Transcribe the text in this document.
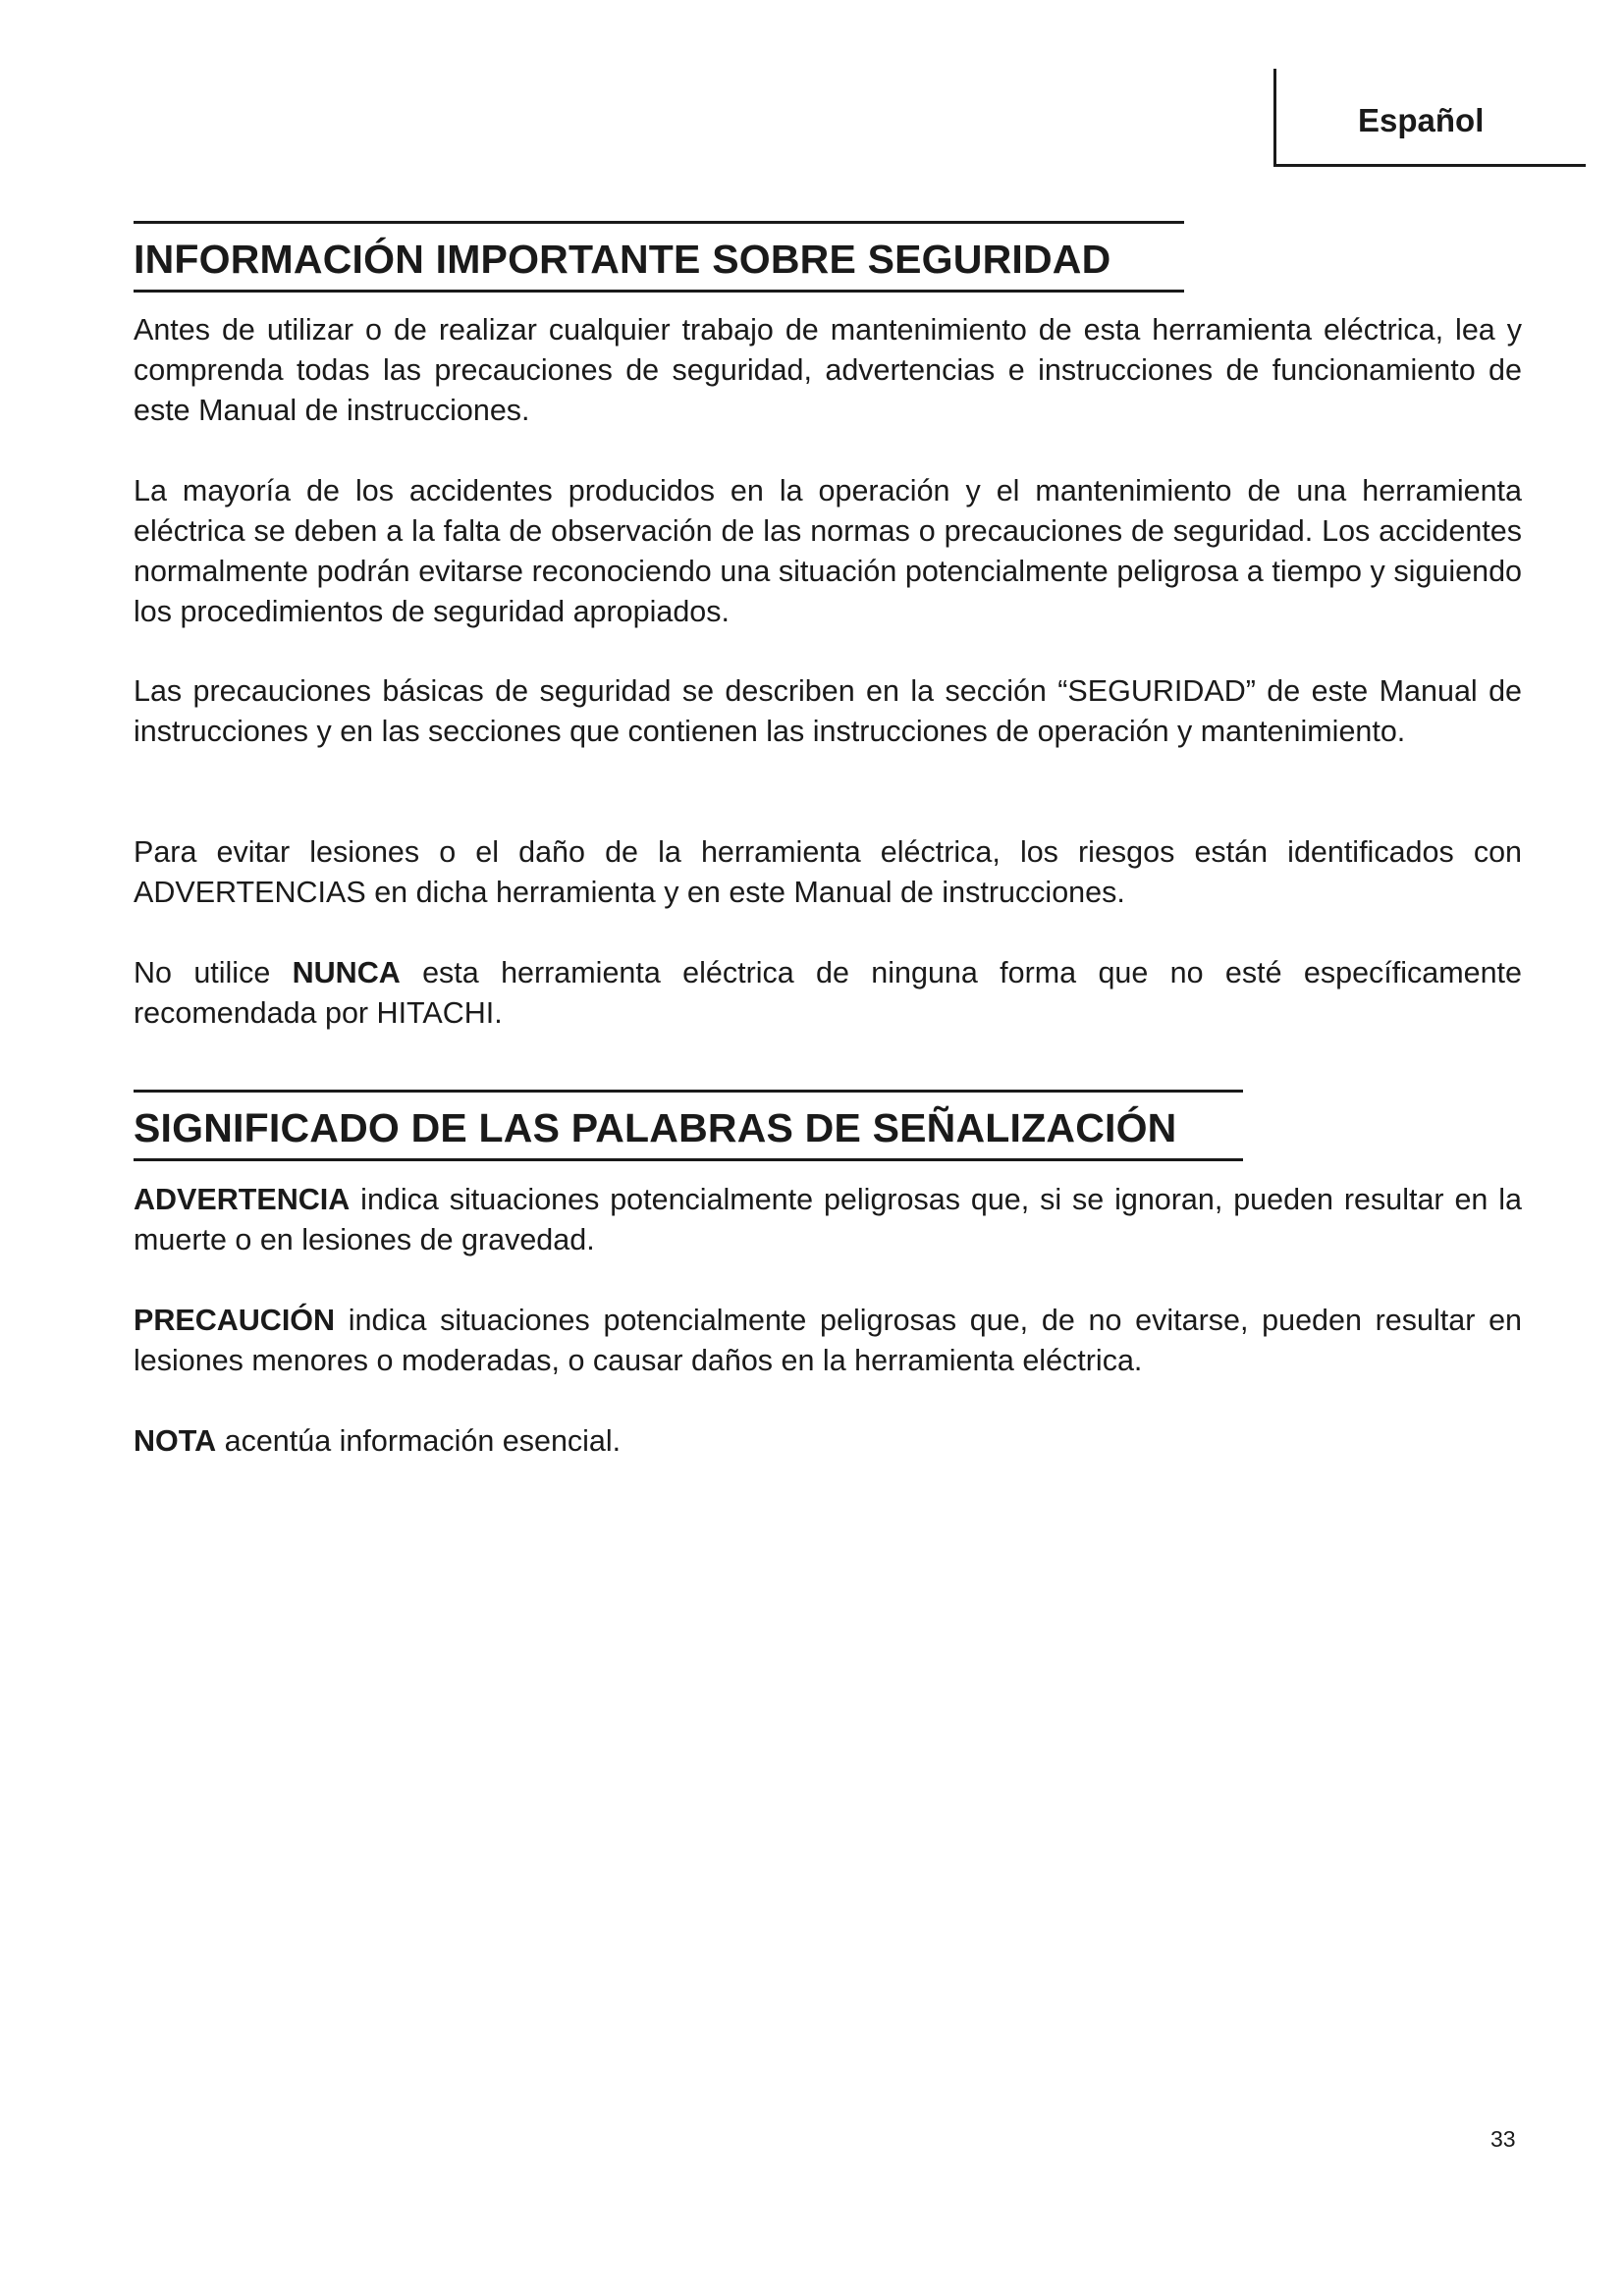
Español
INFORMACIÓN IMPORTANTE SOBRE SEGURIDAD

Antes de utilizar o de realizar cualquier trabajo de mantenimiento de esta herramienta eléctrica, lea y comprenda todas las precauciones de seguridad, advertencias e instrucciones de funcionamiento de este Manual de instrucciones.

La mayoría de los accidentes producidos en la operación y el mantenimiento de una herramienta eléctrica se deben a la falta de observación de las normas o precauciones de seguridad. Los accidentes normalmente podrán evitarse reconociendo una situación potencialmente peligrosa a tiempo y siguiendo los procedimientos de seguridad apropiados.

Las precauciones básicas de seguridad se describen en la sección “SEGURIDAD” de este Manual de instrucciones y en las secciones que contienen las instrucciones de operación y mantenimiento.

Para evitar lesiones o el daño de la herramienta eléctrica, los riesgos están identificados con ADVERTENCIAS en dicha herramienta y en este Manual de instrucciones.

No utilice NUNCA esta herramienta eléctrica de ninguna forma que no esté específicamente recomendada por HITACHI.

SIGNIFICADO DE LAS PALABRAS DE SEÑALIZACIÓN

ADVERTENCIA indica situaciones potencialmente peligrosas que, si se ignoran, pueden resultar en la muerte o en lesiones de gravedad.

PRECAUCIÓN indica situaciones potencialmente peligrosas que, de no evitarse, pueden resultar en lesiones menores o moderadas, o causar daños en la herramienta eléctrica.

NOTA acentúa información esencial.

33
